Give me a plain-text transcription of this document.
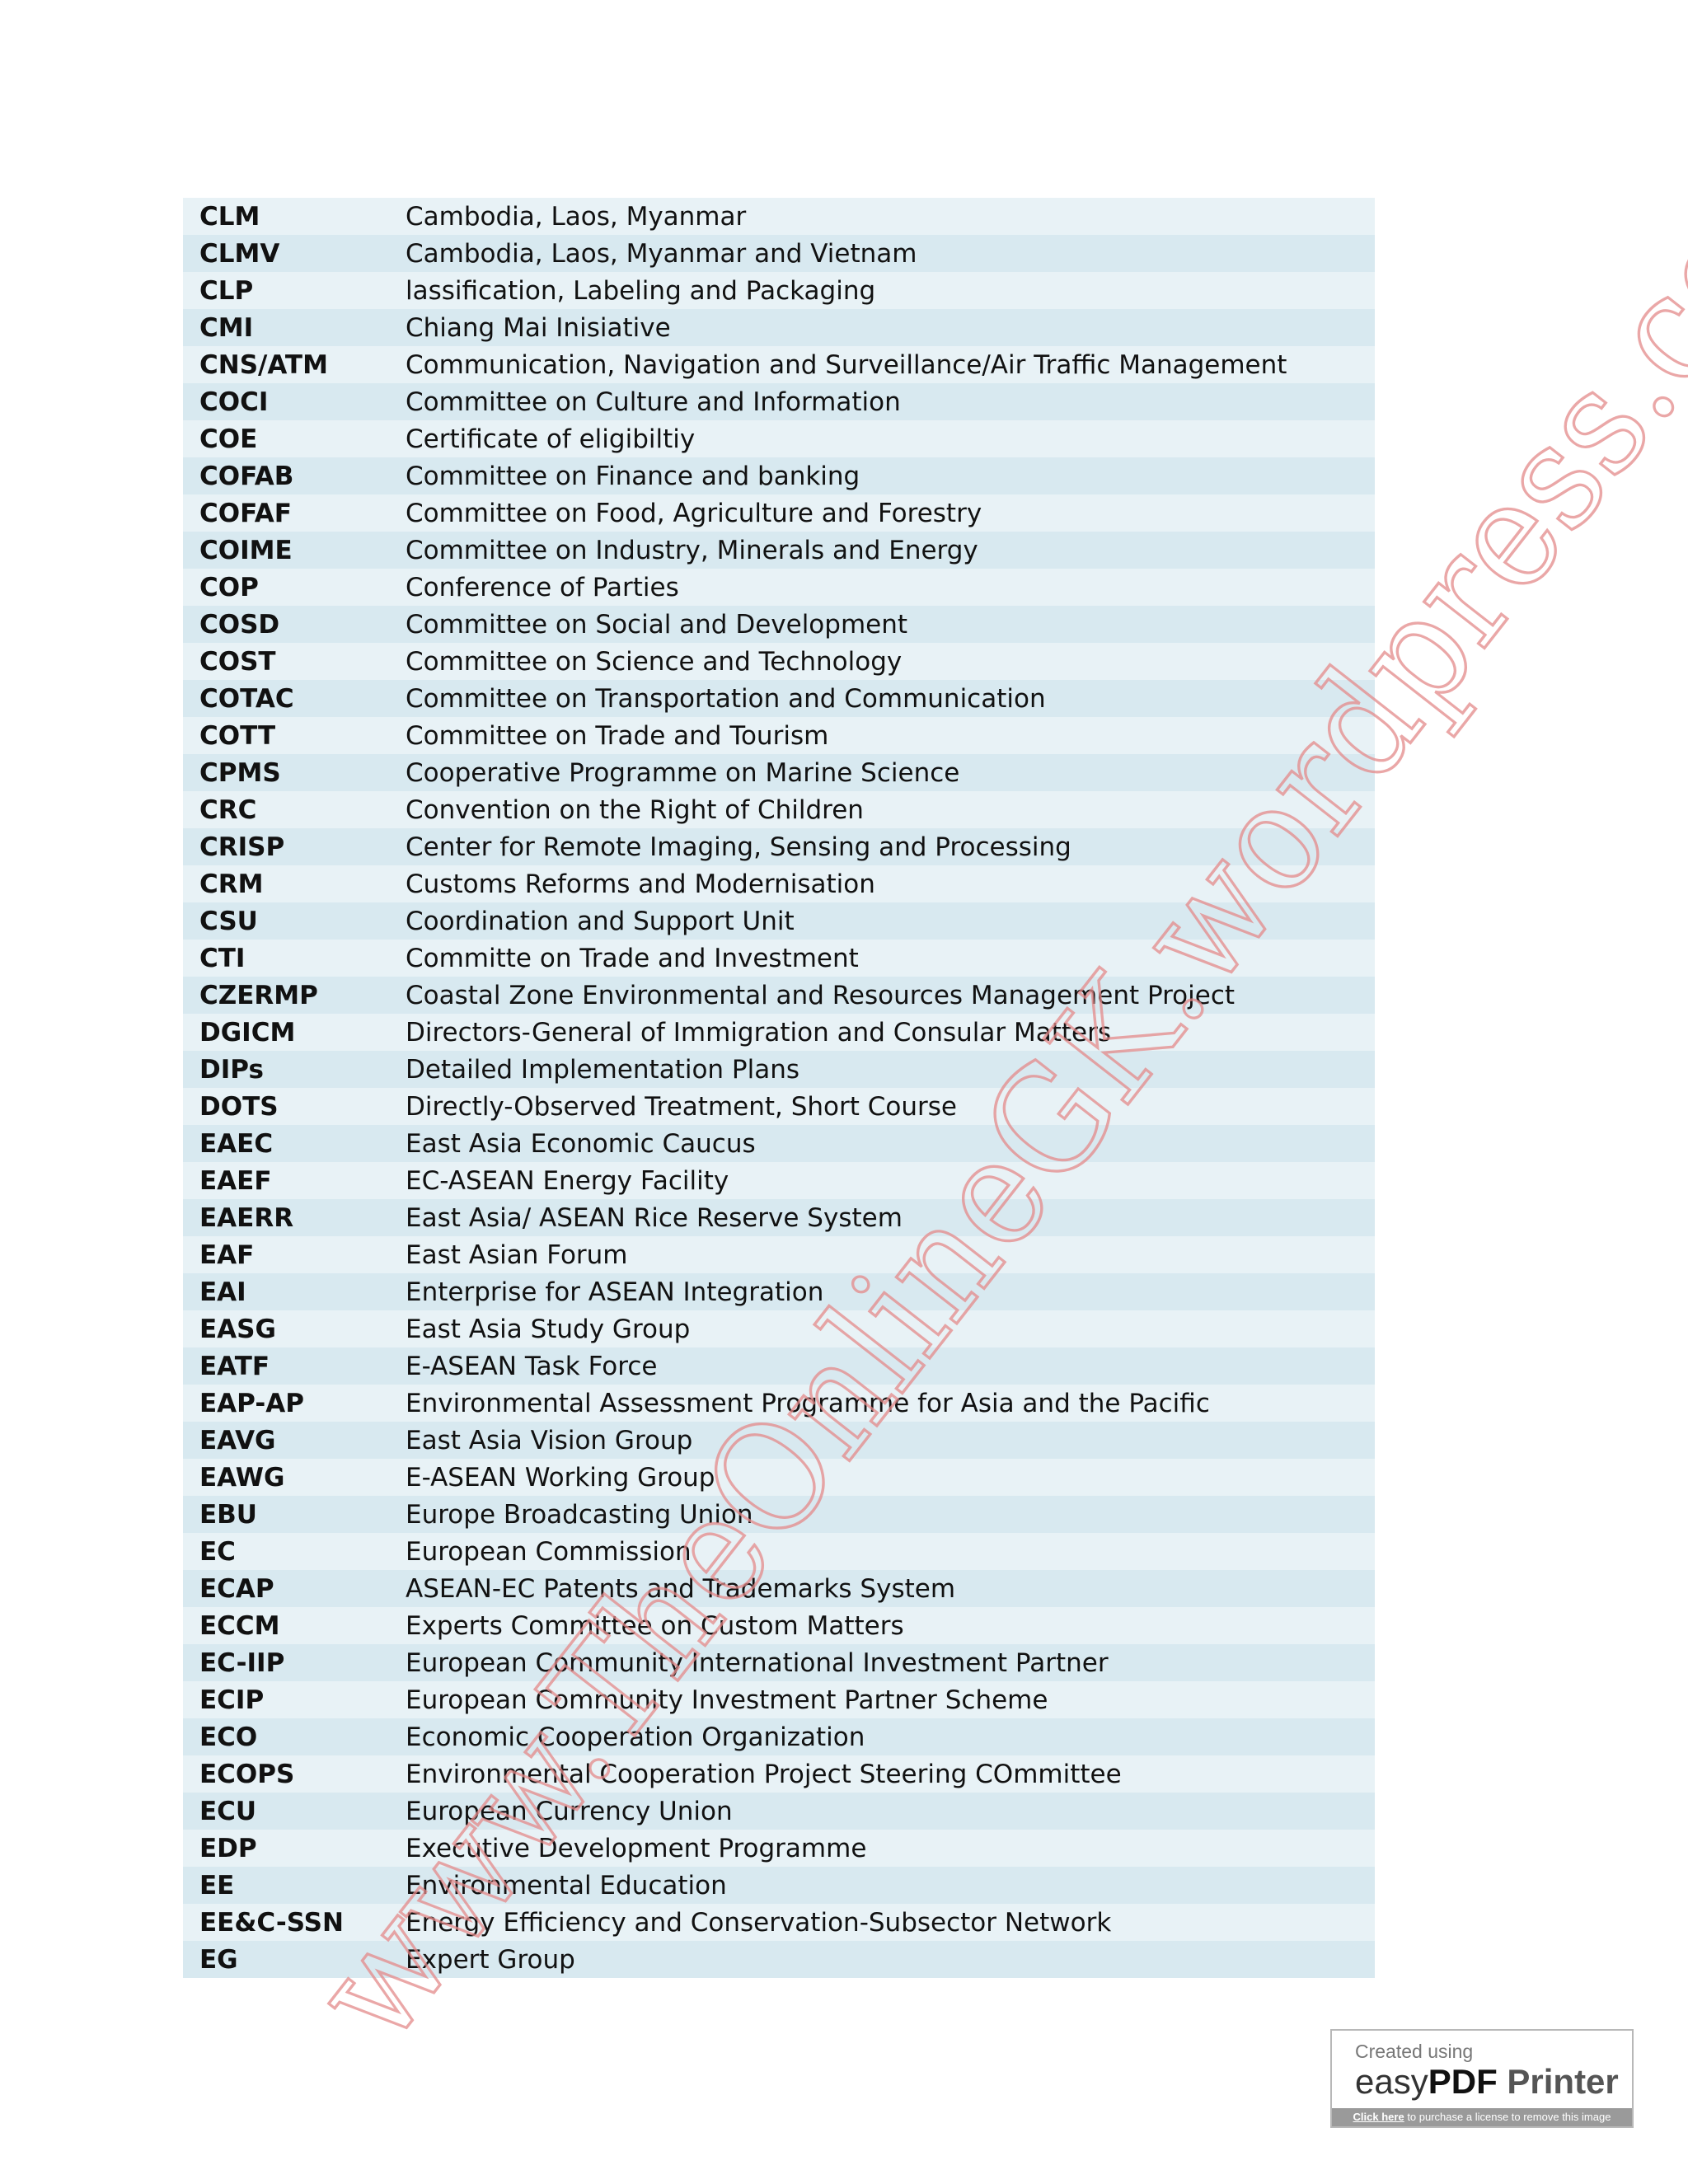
CLM	Cambodia, Laos, Myanmar
CLMV	Cambodia, Laos, Myanmar and Vietnam
CLP	lassification, Labeling and Packaging
CMI	Chiang Mai Inisiative
CNS/ATM	Communication, Navigation and Surveillance/Air Traffic Management
COCI	Committee on Culture and Information
COE	Certificate of eligibiltiy
COFAB	Committee on Finance and banking
COFAF	Committee on Food, Agriculture and Forestry
COIME	Committee on Industry, Minerals and Energy
COP	Conference of Parties
COSD	Committee on Social and Development
COST	Committee on Science and Technology
COTAC	Committee on Transportation and Communication
COTT	Committee on Trade and Tourism
CPMS	Cooperative Programme on Marine Science
CRC	Convention on the Right of Children
CRISP	Center for Remote Imaging, Sensing and Processing
CRM	Customs Reforms and Modernisation
CSU	Coordination and Support Unit
CTI	Committe on Trade and Investment
CZERMP	Coastal Zone Environmental and Resources Management Project
DGICM	Directors-General of Immigration and Consular Matters
DIPs	Detailed Implementation Plans
DOTS	Directly-Observed Treatment, Short Course
EAEC	East Asia Economic Caucus
EAEF	EC-ASEAN Energy Facility
EAERR	East Asia/ ASEAN Rice Reserve System
EAF	East Asian Forum
EAI	Enterprise for ASEAN Integration
EASG	East Asia Study Group
EATF	E-ASEAN Task Force
EAP-AP	Environmental Assessment Programme for Asia and the Pacific
EAVG	East Asia Vision Group
EAWG	E-ASEAN Working Group
EBU	Europe Broadcasting Union
EC	European Commission
ECAP	ASEAN-EC Patents and Trademarks System
ECCM	Experts Committee on Custom Matters
EC-IIP	European Community International Investment Partner
ECIP	European Community Investment Partner Scheme
ECO	Economic Cooperation Organization
ECOPS	Environmental Cooperation Project Steering COmmittee
ECU	European Currency Union
EDP	Executive Development Programme
EE	Environmental Education
EE&C-SSN	Energy Efficiency and Conservation-Subsector Network
EG	Expert Group
Created using
easyPDF Printer
Click here to purchase a license to remove this image
